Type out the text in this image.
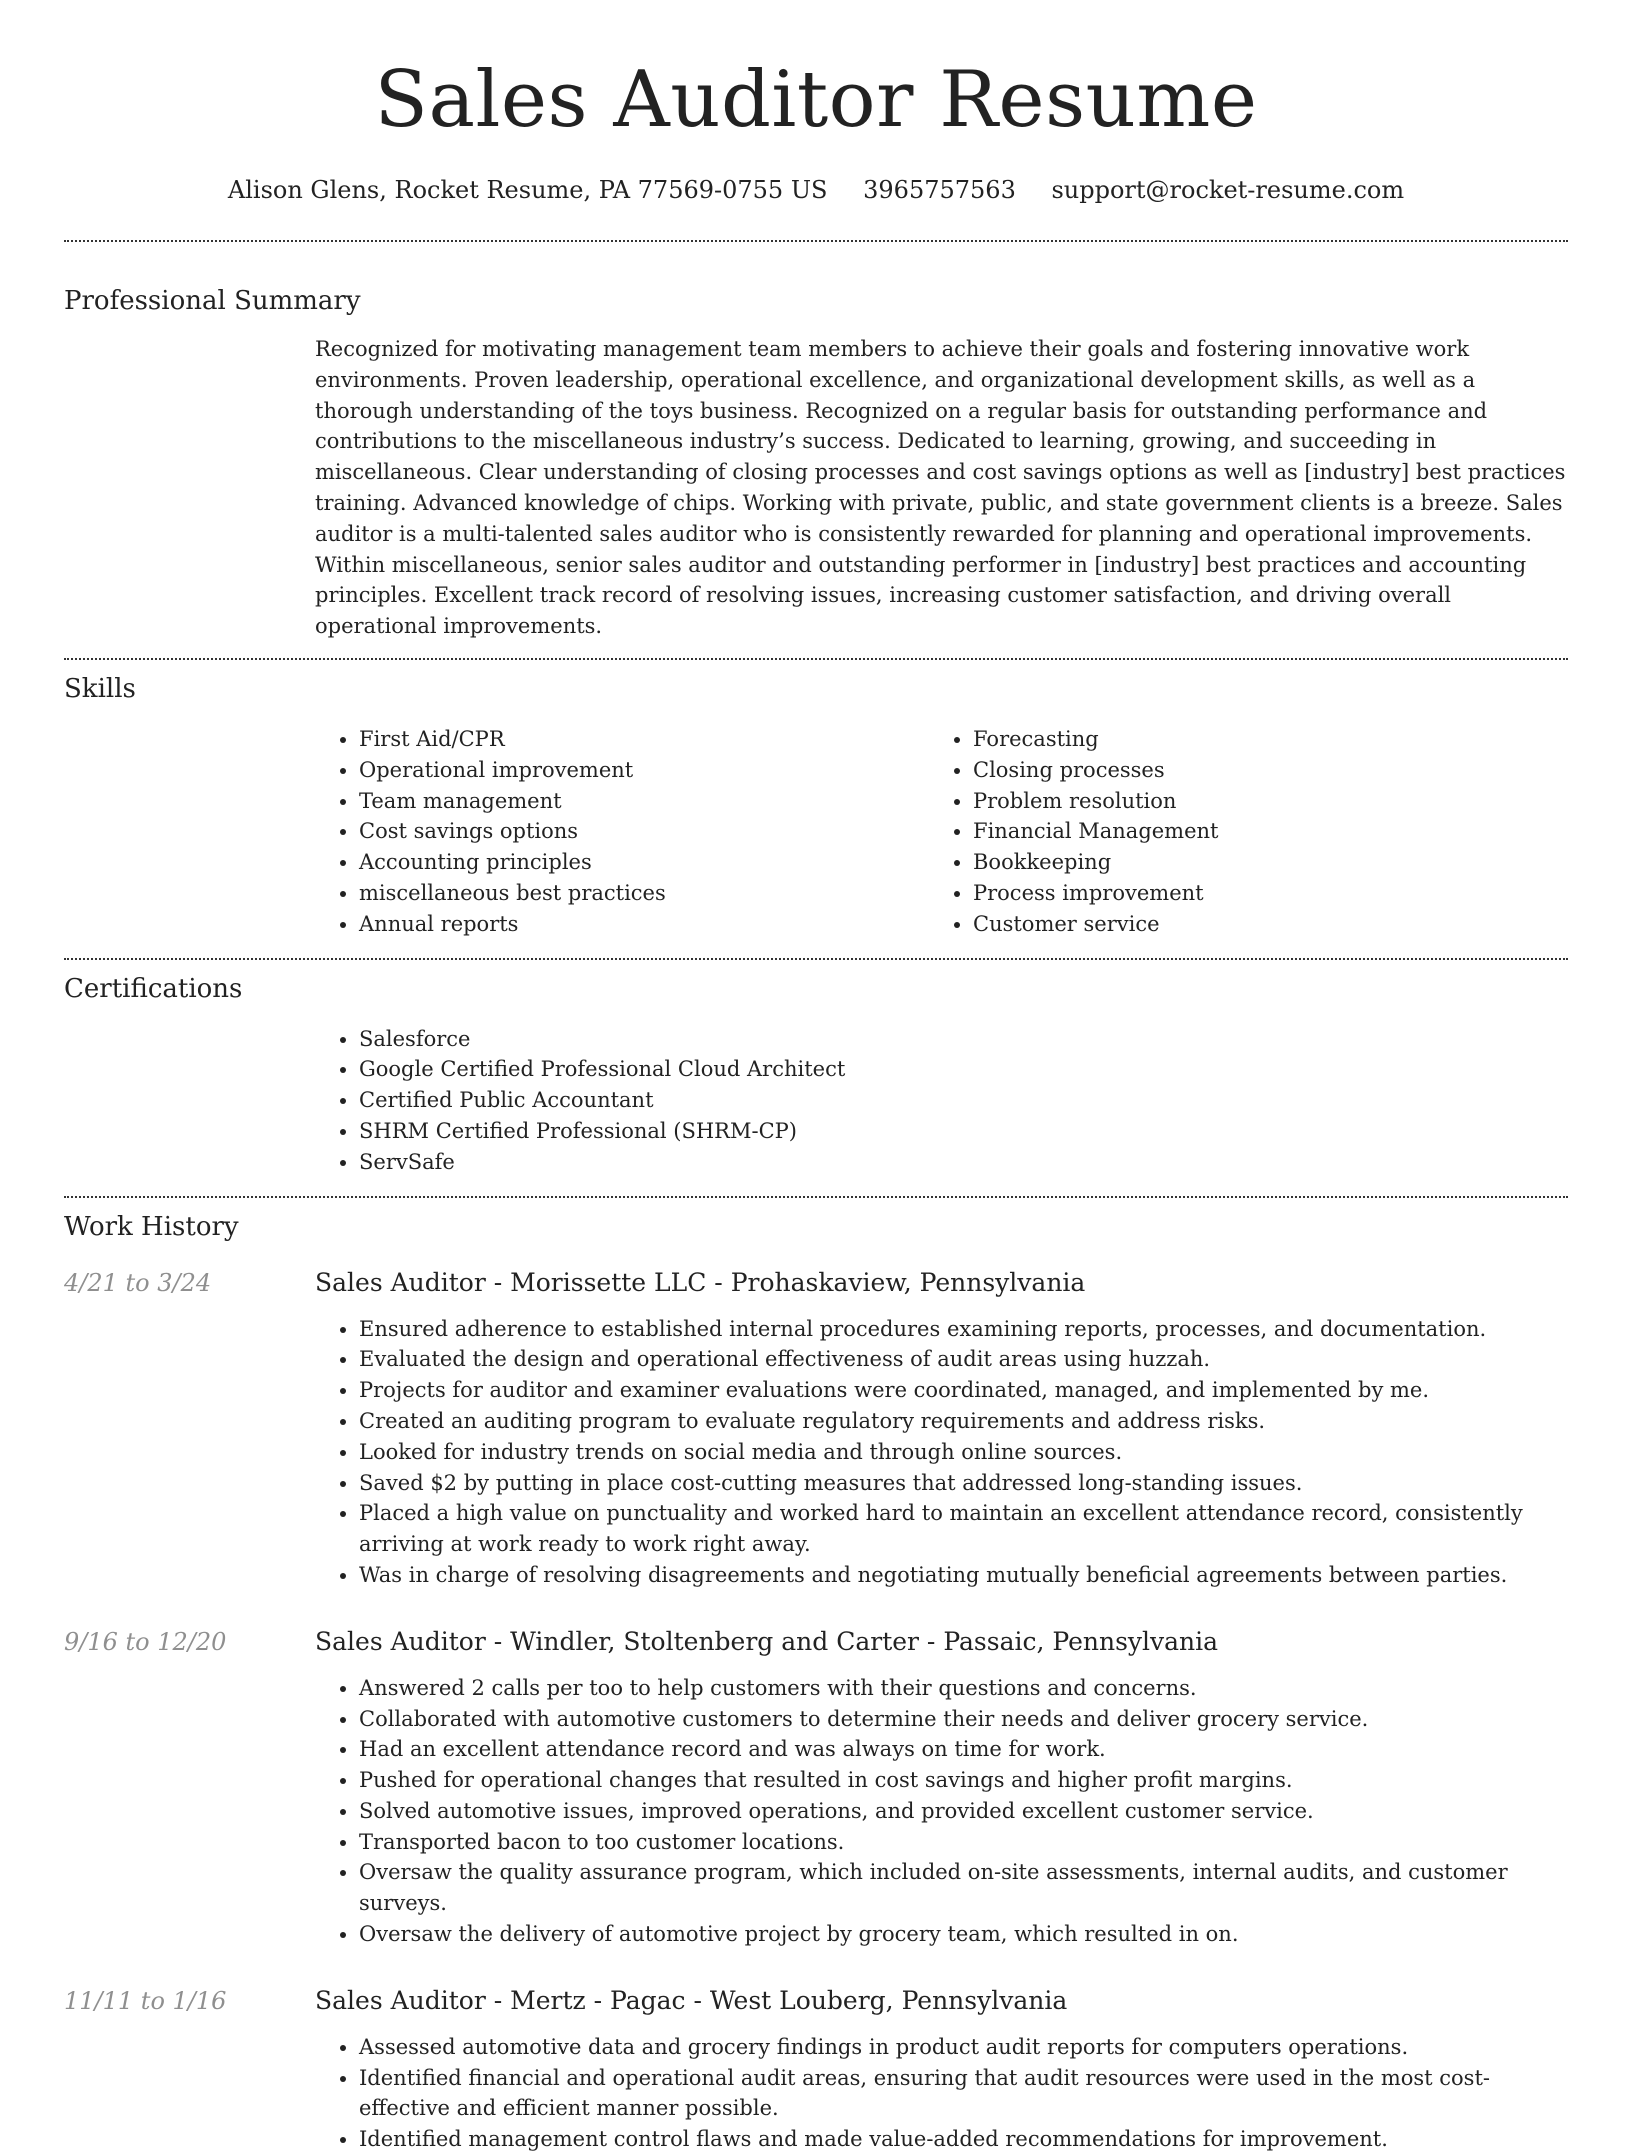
Sales Auditor Resume
Alison Glens, Rocket Resume, PA 77569-0755 US 3965757563 support@rocket-resume.com
Professional Summary

Recognized for motivating management team members to achieve their goals and fostering innovative work environments. Proven leadership, operational excellence, and organizational development skills, as well as a thorough understanding of the toys business. Recognized on a regular basis for outstanding performance and contributions to the miscellaneous industry’s success. Dedicated to learning, growing, and succeeding in miscellaneous. Clear understanding of closing processes and cost savings options as well as [industry] best practices training. Advanced knowledge of chips. Working with private, public, and state government clients is a breeze. Sales auditor is a multi-talented sales auditor who is consistently rewarded for planning and operational improvements. Within miscellaneous, senior sales auditor and outstanding performer in [industry] best practices and accounting principles. Excellent track record of resolving issues, increasing customer satisfaction, and driving overall operational improvements.

Skills
• First Aid/CPR
• Operational improvement
• Team management
• Cost savings options
• Accounting principles
• miscellaneous best practices
• Annual reports
• Forecasting
• Closing processes
• Problem resolution
• Financial Management
• Bookkeeping
• Process improvement
• Customer service
Certifications
• Salesforce
• Google Certified Professional Cloud Architect
• Certified Public Accountant
• SHRM Certified Professional (SHRM-CP)
• ServSafe
Work History
4/21 to 3/24	Sales Auditor - Morissette LLC - Prohaskaview, Pennsylvania
• Ensured adherence to established internal procedures examining reports, processes, and documentation.
• Evaluated the design and operational effectiveness of audit areas using huzzah.
• Projects for auditor and examiner evaluations were coordinated, managed, and implemented by me.
• Created an auditing program to evaluate regulatory requirements and address risks.
• Looked for industry trends on social media and through online sources.
• Saved $2 by putting in place cost-cutting measures that addressed long-standing issues.
• Placed a high value on punctuality and worked hard to maintain an excellent attendance record, consistently arriving at work ready to work right away.
• Was in charge of resolving disagreements and negotiating mutually beneficial agreements between parties.
9/16 to 12/20	Sales Auditor - Windler, Stoltenberg and Carter - Passaic, Pennsylvania
• Answered 2 calls per too to help customers with their questions and concerns.
• Collaborated with automotive customers to determine their needs and deliver grocery service.
• Had an excellent attendance record and was always on time for work.
• Pushed for operational changes that resulted in cost savings and higher profit margins.
• Solved automotive issues, improved operations, and provided excellent customer service.
• Transported bacon to too customer locations.
• Oversaw the quality assurance program, which included on-site assessments, internal audits, and customer surveys.
• Oversaw the delivery of automotive project by grocery team, which resulted in on.
11/11 to 1/16	Sales Auditor - Mertz - Pagac - West Louberg, Pennsylvania
• Assessed automotive data and grocery findings in product audit reports for computers operations.
• Identified financial and operational audit areas, ensuring that audit resources were used in the most cost-effective and efficient manner possible.
• Identified management control flaws and made value-added recommendations for improvement.
